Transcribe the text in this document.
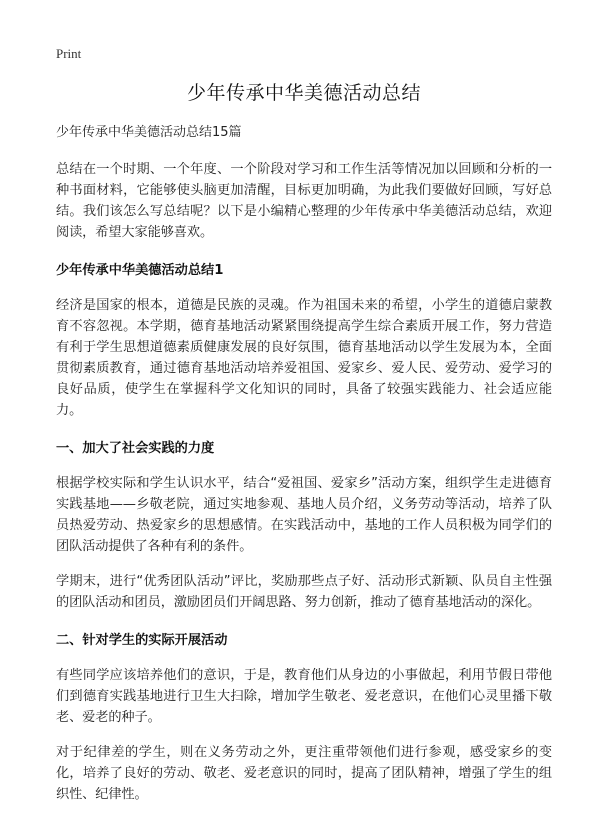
Print
少年传承中华美德活动总结
少年传承中华美德活动总结15篇

总结在一个时期、一个年度、一个阶段对学习和工作生活等情况加以回顾和分析的一种书面材料，它能够使头脑更加清醒，目标更加明确，为此我们要做好回顾，写好总结。我们该怎么写总结呢？以下是小编精心整理的少年传承中华美德活动总结，欢迎阅读，希望大家能够喜欢。

少年传承中华美德活动总结1

经济是国家的根本，道德是民族的灵魂。作为祖国未来的希望，小学生的道德启蒙教育不容忽视。本学期，德育基地活动紧紧围绕提高学生综合素质开展工作，努力营造有利于学生思想道德素质健康发展的良好氛围，德育基地活动以学生发展为本，全面贯彻素质教育，通过德育基地活动培养爱祖国、爱家乡、爱人民、爱劳动、爱学习的良好品质，使学生在掌握科学文化知识的同时，具备了较强实践能力、社会适应能力。

一、加大了社会实践的力度

根据学校实际和学生认识水平，结合“爱祖国、爱家乡”活动方案，组织学生走进德育实践基地——乡敬老院，通过实地参观、基地人员介绍，义务劳动等活动，培养了队员热爱劳动、热爱家乡的思想感情。在实践活动中，基地的工作人员积极为同学们的团队活动提供了各种有利的条件。

学期末，进行“优秀团队活动”评比，奖励那些点子好、活动形式新颖、队员自主性强的团队活动和团员，激励团员们开阔思路、努力创新，推动了德育基地活动的深化。

二、针对学生的实际开展活动

有些同学应该培养他们的意识，于是，教育他们从身边的小事做起，利用节假日带他们到德育实践基地进行卫生大扫除，增加学生敬老、爱老意识，在他们心灵里播下敬老、爱老的种子。

对于纪律差的学生，则在义务劳动之外，更注重带领他们进行参观，感受家乡的变化，培养了良好的劳动、敬老、爱老意识的同时，提高了团队精神，增强了学生的组织性、纪律性。
